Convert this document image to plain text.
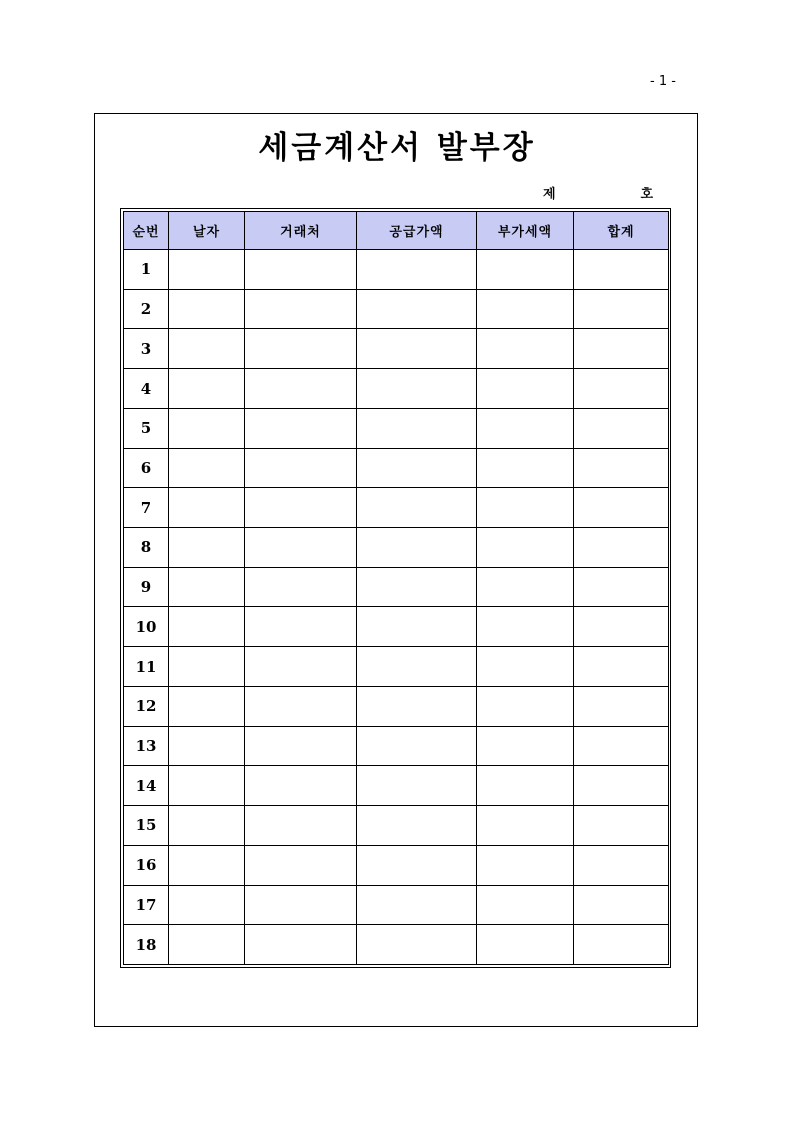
- 1 -
세금계산서 발부장
제	호
순번	날자	거래처	공급가액	부가세액	합계
1					
2					
3					
4					
5					
6					
7					
8					
9					
10					
11					
12					
13					
14					
15					
16					
17					
18					
